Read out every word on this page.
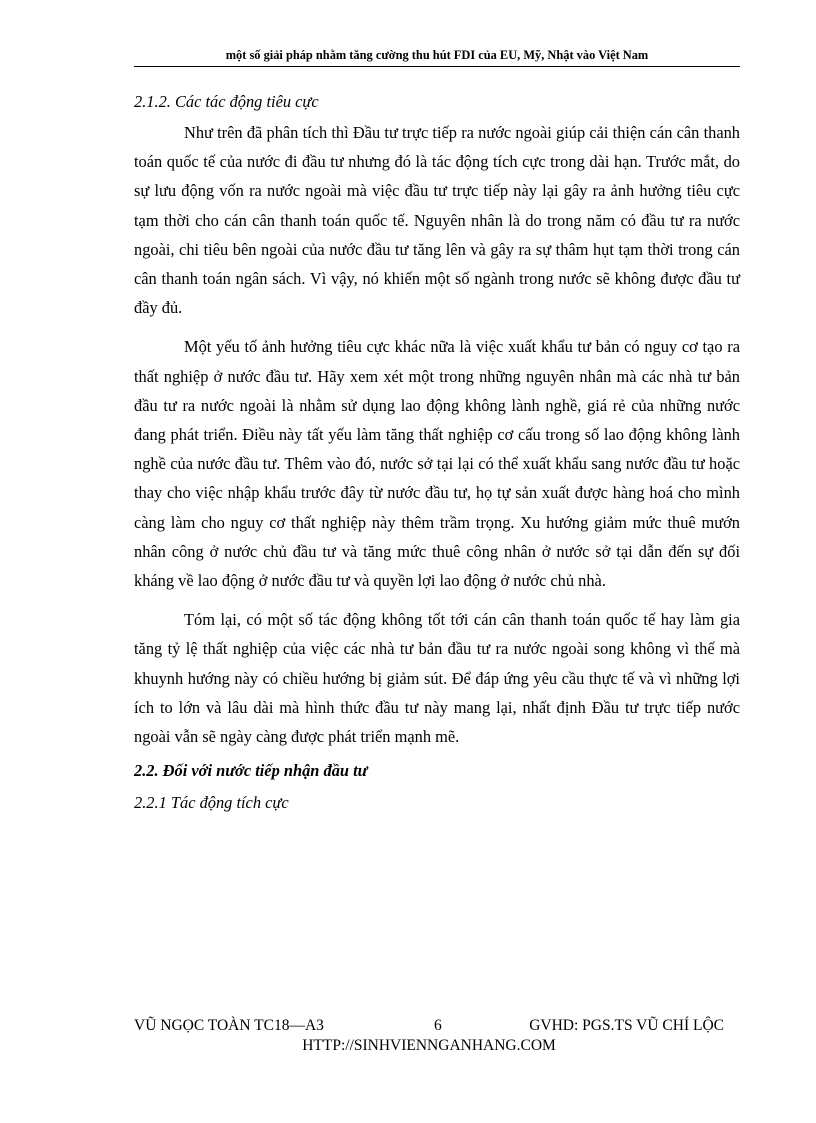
một số giải pháp nhằm tăng cường thu hút FDI của EU, Mỹ, Nhật vào Việt Nam

2.1.2. Các tác động tiêu cực

Như trên đã phân tích thì Đầu tư trực tiếp ra nước ngoài giúp cải thiện cán cân thanh toán quốc tế của nước đi đầu tư nhưng đó là tác động tích cực trong dài hạn. Trước mắt, do sự lưu động vốn ra nước ngoài mà việc đầu tư trực tiếp này lại gây ra ảnh hưởng tiêu cực tạm thời cho cán cân thanh toán quốc tế. Nguyên nhân là do trong năm có đầu tư ra nước ngoài, chi tiêu bên ngoài của nước đầu tư tăng lên và gây ra sự thâm hụt tạm thời trong cán cân thanh toán ngân sách. Vì vậy, nó khiến một số ngành trong nước sẽ không được đầu tư đầy đủ.

Một yếu tố ảnh hưởng tiêu cực khác nữa là việc xuất khẩu tư bản có nguy cơ tạo ra thất nghiệp ở nước đầu tư. Hãy xem xét một trong những nguyên nhân mà các nhà tư bản đầu tư ra nước ngoài là nhằm sử dụng lao động không lành nghề, giá rẻ của những nước đang phát triển. Điều này tất yếu làm tăng thất nghiệp cơ cấu trong số lao động không lành nghề của nước đầu tư. Thêm vào đó, nước sở tại lại có thể xuất khẩu sang nước đầu tư hoặc thay cho việc nhập khẩu trước đây từ nước đầu tư, họ tự sản xuất được hàng hoá cho mình càng làm cho nguy cơ thất nghiệp này thêm trầm trọng. Xu hướng giảm mức thuê mướn nhân công ở nước chủ đầu tư và tăng mức thuê công nhân ở nước sở tại dẫn đến sự đối kháng về lao động ở nước đầu tư và quyền lợi lao động ở nước chủ nhà.

Tóm lại, có một số tác động không tốt tới cán cân thanh toán quốc tế hay làm gia tăng tỷ lệ thất nghiệp của việc các nhà tư bản đầu tư ra nước ngoài song không vì thế mà khuynh hướng này có chiều hướng bị giảm sút. Để đáp ứng yêu cầu thực tế và vì những lợi ích to lớn và lâu dài mà hình thức đầu tư này mang lại, nhất định Đầu tư trực tiếp nước ngoài vẫn sẽ ngày càng được phát triển mạnh mẽ.

2.2. Đối với nước tiếp nhận đầu tư

2.2.1 Tác động tích cực

VŨ NGỌC TOÀN TC18—A3	6	GVHD: PGS.TS VŨ CHÍ LỘC
HTTP://SINHVIENNGANHANG.COM
